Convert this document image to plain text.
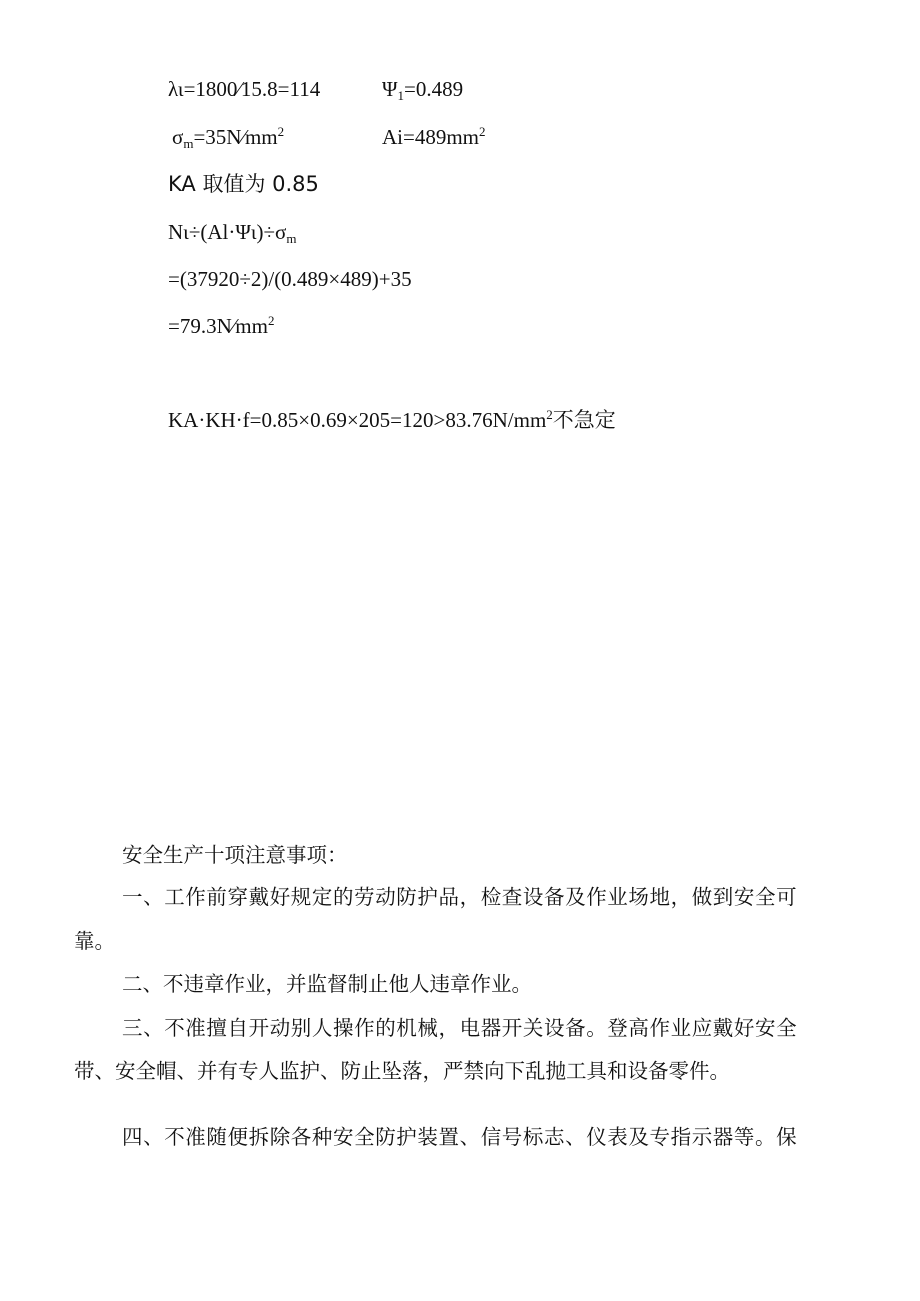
λι=1800⁄15.8=114	$\Psi_1=0.489$
$\sigma_m=35N⁄mm^2$	$Ai=489mm^2$
KA 取值为 0.85
$N\iota\div(Al\cdot\Psi\iota)\div\sigma_m$
=(37920÷2)/(0.489×489)+35
$=79.3N⁄mm^2$
$KA\cdot KH\cdot f=0.85\times 0.69\times 205=120>83.76N/mm^2$不急定
安全生产十项注意事项：
一、工作前穿戴好规定的劳动防护品，检查设备及作业场地，做到安全可
靠。
二、不违章作业，并监督制止他人违章作业。
三、不准擅自开动别人操作的机械，电器开关设备。登高作业应戴好安全
带、安全帽、并有专人监护、防止坠落，严禁向下乱抛工具和设备零件。
四、不准随便拆除各种安全防护装置、信号标志、仪表及专指示器等。保
